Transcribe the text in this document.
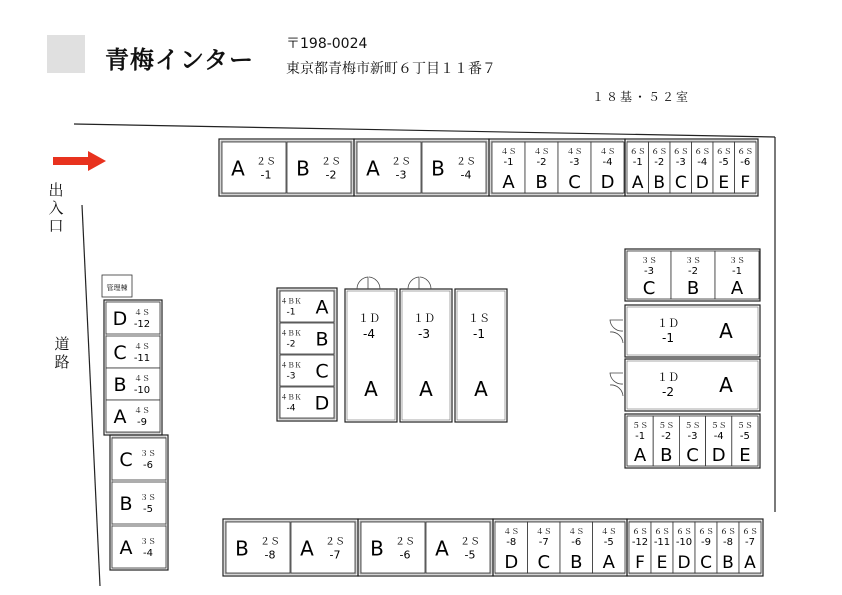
青梅インター
〒198-0024
東京都青梅市新町６丁目１１番７
１８基・５２室
出
入
口
道
路
A ２Ｓ
-1 B ２Ｓ
-2 A ２Ｓ
-3 B ２Ｓ
-4
４Ｓ
-1
A
４Ｓ
-2
B
４Ｓ
-3
C
４Ｓ
-4
D
６Ｓ
-1
A
６Ｓ
-2
B
６Ｓ
-3
C
６Ｓ
-4
D
６Ｓ
-5
E
６Ｓ
-6
F
管理棟
D ４Ｓ
-12
C ４Ｓ
-11
B ４Ｓ
-10
A ４Ｓ
-9
C ３Ｓ
-6
B ３Ｓ
-5
A ３Ｓ
-4
４ＢＫ
-1 A
４ＢＫ
-2 B
４ＢＫ
-3 C
４ＢＫ
-4 D
１Ｄ
-4
A
１Ｄ
-3
A
１Ｓ
-1
A
３Ｓ
-3
C
３Ｓ
-2
B
３Ｓ
-1
A
１Ｄ
-1 A
１Ｄ
-2 A
５Ｓ
-1
A
５Ｓ
-2
B
５Ｓ
-3
C
５Ｓ
-4
D
５Ｓ
-5
E
B ２Ｓ
-8 A ２Ｓ
-7 B ２Ｓ
-6 A ２Ｓ
-5
４Ｓ
-8
D
４Ｓ
-7
C
４Ｓ
-6
B
４Ｓ
-5
A
６Ｓ
-12
F
６Ｓ
-11
E
６Ｓ
-10
D
６Ｓ
-9
C
６Ｓ
-8
B
６Ｓ
-7
A
